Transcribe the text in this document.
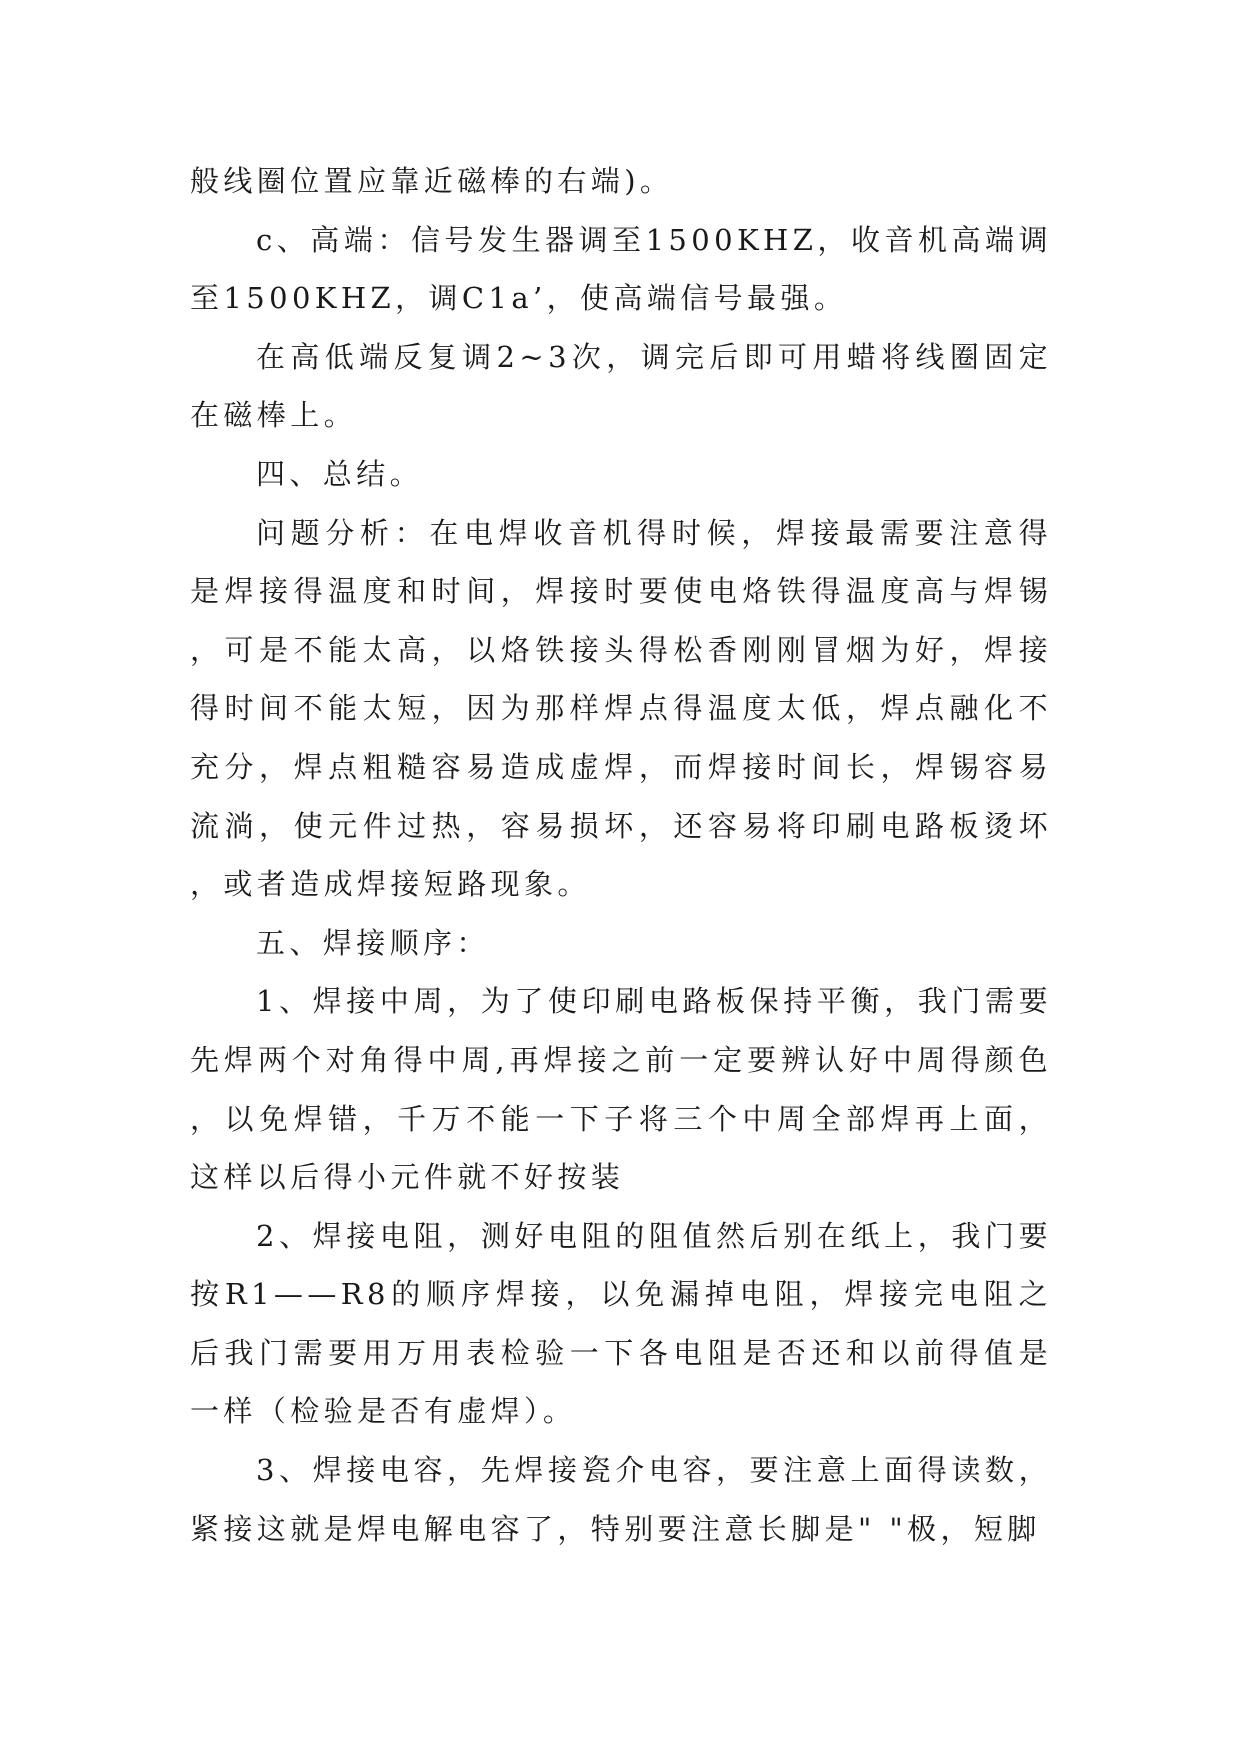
般线圈位置应靠近磁棒的右端)。

c、高端：信号发生器调至1500KHZ，收音机高端调至1500KHZ，调C1a’，使高端信号最强。

在高低端反复调2~3次，调完后即可用蜡将线圈固定在磁棒上。

四、总结。

问题分析：在电焊收音机得时候，焊接最需要注意得是焊接得温度和时间，焊接时要使电烙铁得温度高与焊锡，可是不能太高，以烙铁接头得松香刚刚冒烟为好，焊接得时间不能太短，因为那样焊点得温度太低，焊点融化不充分，焊点粗糙容易造成虚焊，而焊接时间长，焊锡容易流淌，使元件过热，容易损坏，还容易将印刷电路板烫坏，或者造成焊接短路现象。

五、焊接顺序：

1、焊接中周，为了使印刷电路板保持平衡，我门需要先焊两个对角得中周,再焊接之前一定要辨认好中周得颜色，以免焊错，千万不能一下子将三个中周全部焊再上面，这样以后得小元件就不好按装

2、焊接电阻，测好电阻的阻值然后别在纸上，我门要按R1——R8的顺序焊接，以免漏掉电阻，焊接完电阻之后我门需要用万用表检验一下各电阻是否还和以前得值是一样（检验是否有虚焊）。

3、焊接电容，先焊接瓷介电容，要注意上面得读数，紧接这就是焊电解电容了，特别要注意长脚是" "极，短脚
